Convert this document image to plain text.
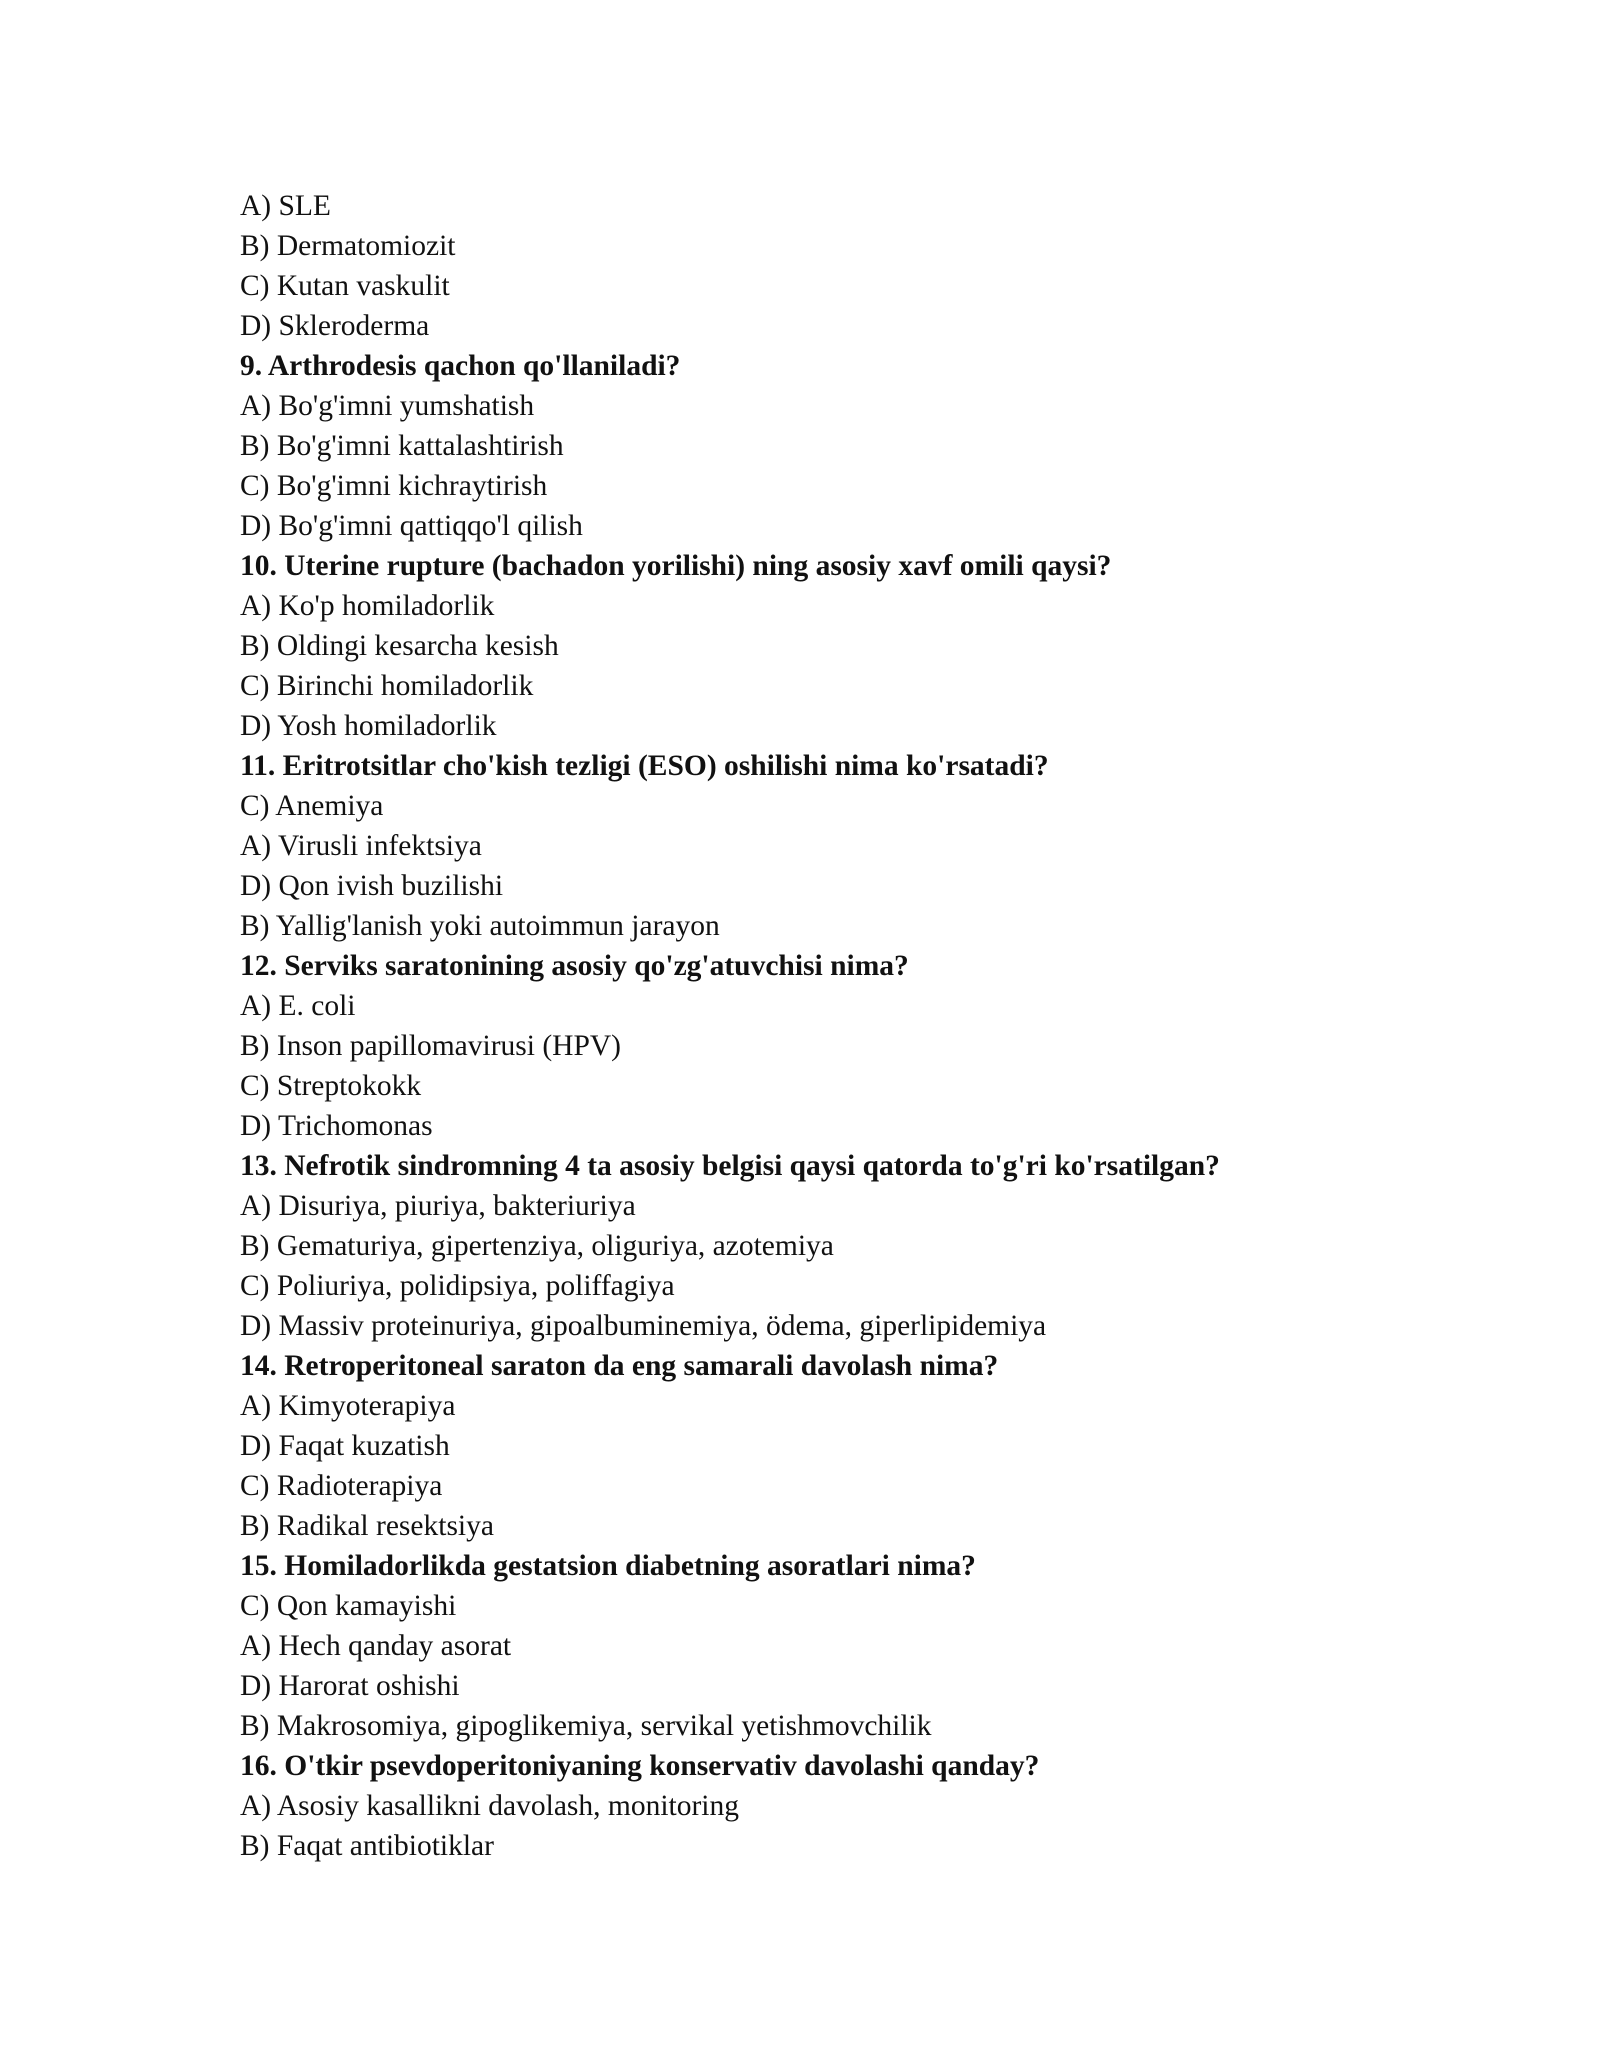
A) SLE
B) Dermatomiozit
C) Kutan vaskulit
D) Skleroderma
9. Arthrodesis qachon qo'llaniladi?
A) Bo'g'imni yumshatish
B) Bo'g'imni kattalashtirish
C) Bo'g'imni kichraytirish
D) Bo'g'imni qattiqqo'l qilish
10. Uterine rupture (bachadon yorilishi) ning asosiy xavf omili qaysi?
A) Ko'p homiladorlik
B) Oldingi kesarcha kesish
C) Birinchi homiladorlik
D) Yosh homiladorlik
11. Eritrotsitlar cho'kish tezligi (ESO) oshilishi nima ko'rsatadi?
C) Anemiya
A) Virusli infektsiya
D) Qon ivish buzilishi
B) Yallig'lanish yoki autoimmun jarayon
12. Serviks saratonining asosiy qo'zg'atuvchisi nima?
A) E. coli
B) Inson papillomavirusi (HPV)
C) Streptokokk
D) Trichomonas
13. Nefrotik sindromning 4 ta asosiy belgisi qaysi qatorda to'g'ri ko'rsatilgan?
A) Disuriya, piuriya, bakteriuriya
B) Gematuriya, gipertenziya, oliguriya, azotemiya
C) Poliuriya, polidipsiya, poliffagiya
D) Massiv proteinuriya, gipoalbuminemiya, ödema, giperlipidemiya
14. Retroperitoneal saraton da eng samarali davolash nima?
A) Kimyoterapiya
D) Faqat kuzatish
C) Radioterapiya
B) Radikal resektsiya
15. Homiladorlikda gestatsion diabetning asoratlari nima?
C) Qon kamayishi
A) Hech qanday asorat
D) Harorat oshishi
B) Makrosomiya, gipoglikemiya, servikal yetishmovchilik
16. O'tkir psevdoperitoniyaning konservativ davolashi qanday?
A) Asosiy kasallikni davolash, monitoring
B) Faqat antibiotiklar
